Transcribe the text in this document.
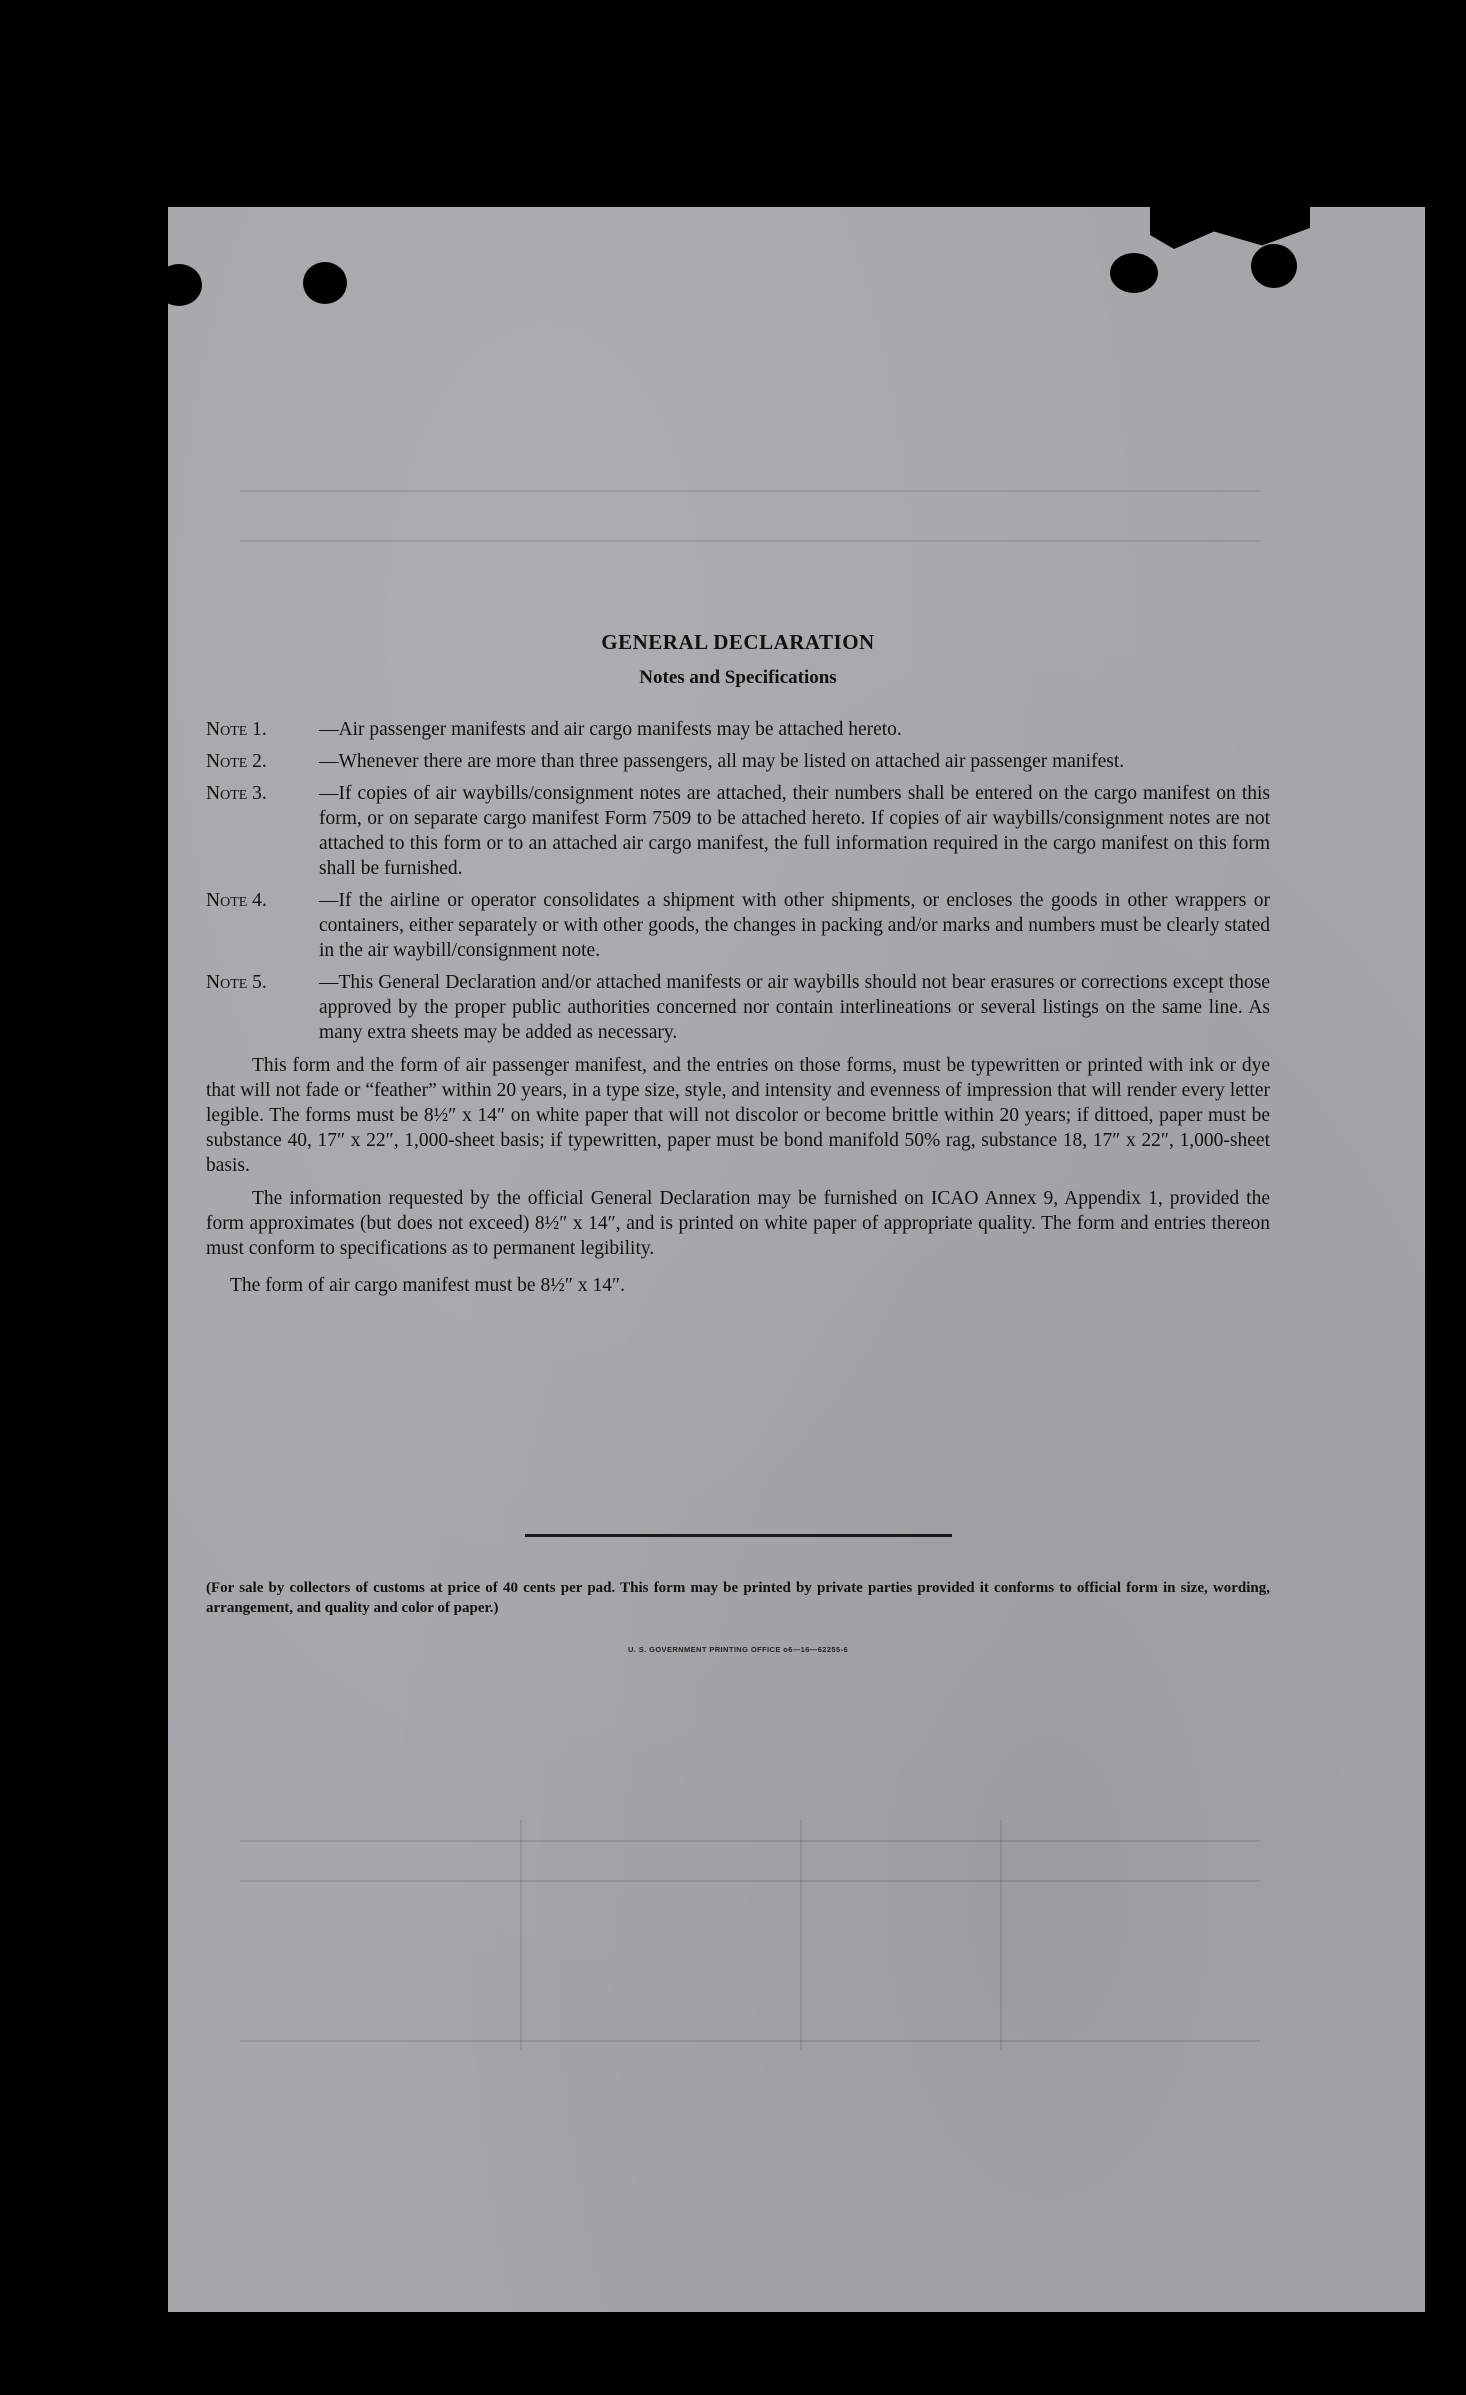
GENERAL DECLARATION
Notes and Specifications
Note 1.	—Air passenger manifests and air cargo manifests may be attached hereto.
Note 2.	—Whenever there are more than three passengers, all may be listed on attached air passenger manifest.
Note 3.	—If copies of air waybills/consignment notes are attached, their numbers shall be entered on the cargo manifest on this form, or on separate cargo manifest Form 7509 to be attached hereto. If copies of air waybills/consignment notes are not attached to this form or to an attached air cargo manifest, the full information required in the cargo manifest on this form shall be furnished.
Note 4.	—If the airline or operator consolidates a shipment with other shipments, or encloses the goods in other wrappers or containers, either separately or with other goods, the changes in packing and/or marks and numbers must be clearly stated in the air waybill/consignment note.
Note 5.	—This General Declaration and/or attached manifests or air waybills should not bear erasures or corrections except those approved by the proper public authorities concerned nor contain interlineations or several listings on the same line. As many extra sheets may be added as necessary.

This form and the form of air passenger manifest, and the entries on those forms, must be typewritten or printed with ink or dye that will not fade or “feather” within 20 years, in a type size, style, and intensity and evenness of impression that will render every letter legible. The forms must be 8½″ x 14″ on white paper that will not discolor or become brittle within 20 years; if dittoed, paper must be substance 40, 17″ x 22″, 1,000-sheet basis; if typewritten, paper must be bond manifold 50% rag, substance 18, 17″ x 22″, 1,000-sheet basis.

The information requested by the official General Declaration may be furnished on ICAO Annex 9, Appendix 1, provided the form approximates (but does not exceed) 8½″ x 14″, and is printed on white paper of appropriate quality. The form and entries thereon must conform to specifications as to permanent legibility.

The form of air cargo manifest must be 8½″ x 14″.

(For sale by collectors of customs at price of 40 cents per pad. This form may be printed by private parties provided it conforms to official form in size, wording, arrangement, and quality and color of paper.)
U. S. GOVERNMENT PRINTING OFFICE o6—16—62255-6
